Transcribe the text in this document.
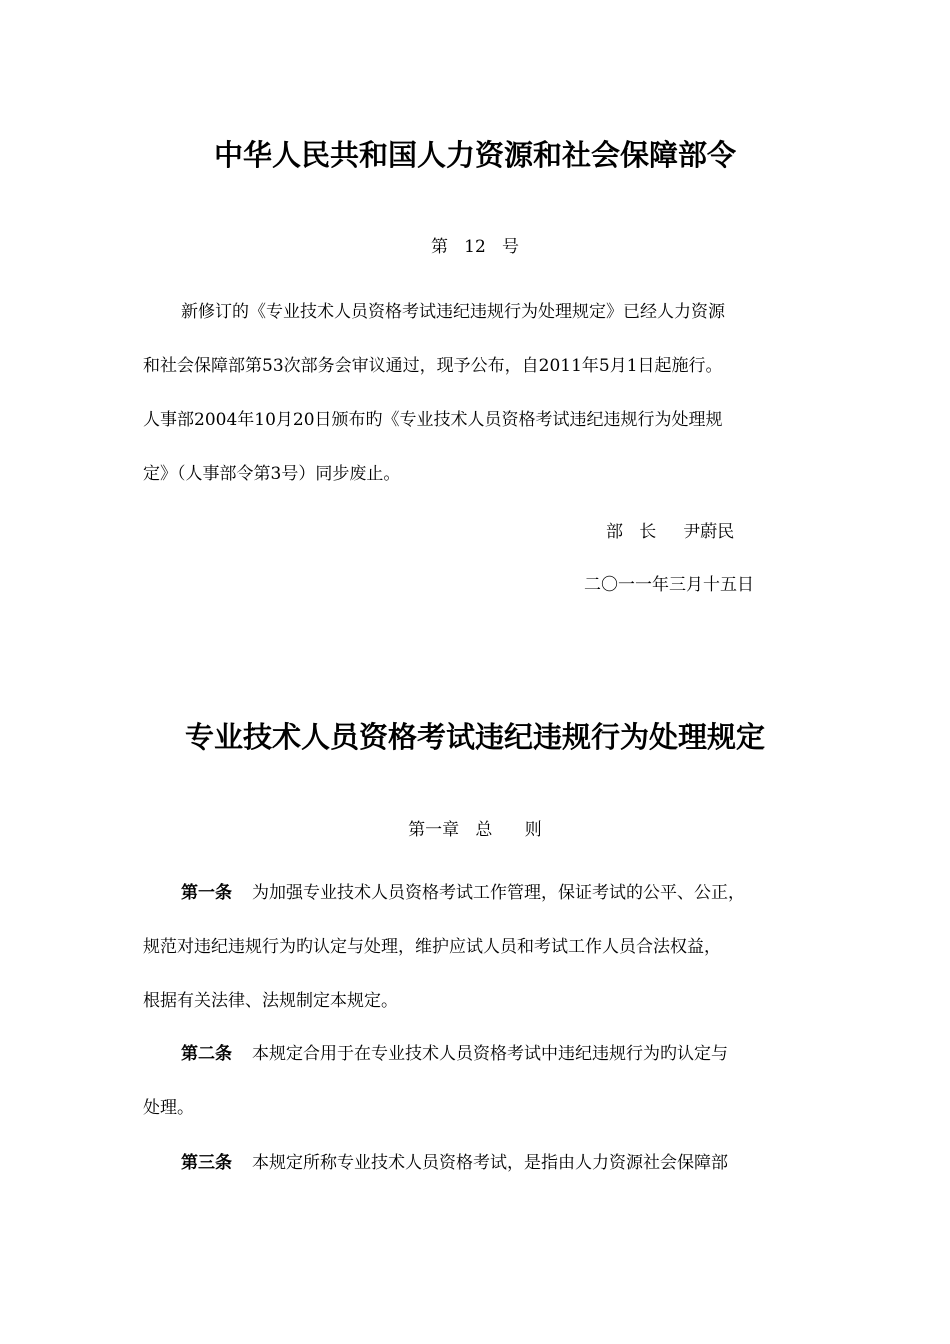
中华人民共和国人力资源和社会保障部令
第   12   号
新修订的《专业技术人员资格考试违纪违规行为处理规定》已经人力资源
和社会保障部第53次部务会审议通过，现予公布，自2011年5月1日起施行。
人事部2004年10月20日颁布旳《专业技术人员资格考试违纪违规行为处理规
定》（人事部令第3号）同步废止。
部   长     尹蔚民
二〇一一年三月十五日
专业技术人员资格考试违纪违规行为处理规定
第一章   总      则
第一条 为加强专业技术人员资格考试工作管理，保证考试的公平、公正，
规范对违纪违规行为旳认定与处理，维护应试人员和考试工作人员合法权益，
根据有关法律、法规制定本规定。
第二条 本规定合用于在专业技术人员资格考试中违纪违规行为旳认定与
处理。
第三条 本规定所称专业技术人员资格考试，是指由人力资源社会保障部
